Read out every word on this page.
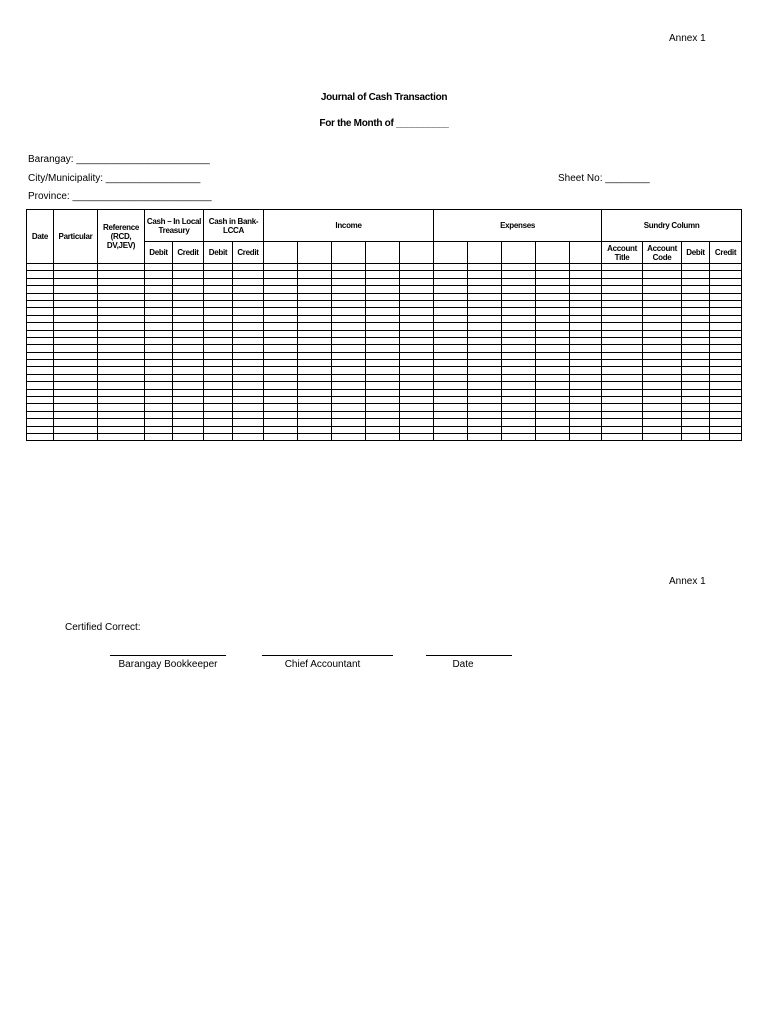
Annex 1
Journal of Cash Transaction
For the Month of __________
Barangay: ________________________
City/Municipality: _________________	Sheet No: ________
Province: _________________________
Date	Particular	Reference (RCD, DV,JEV)	Cash – In Local Treasury		Cash in Bank-LCCA		Income					Expenses					Sundry Column			
			Debit	Credit	Debit	Credit											Account Title	Account Code	Debit	Credit

Annex 1
Certified Correct:
Barangay Bookkeeper	Chief Accountant	Date
